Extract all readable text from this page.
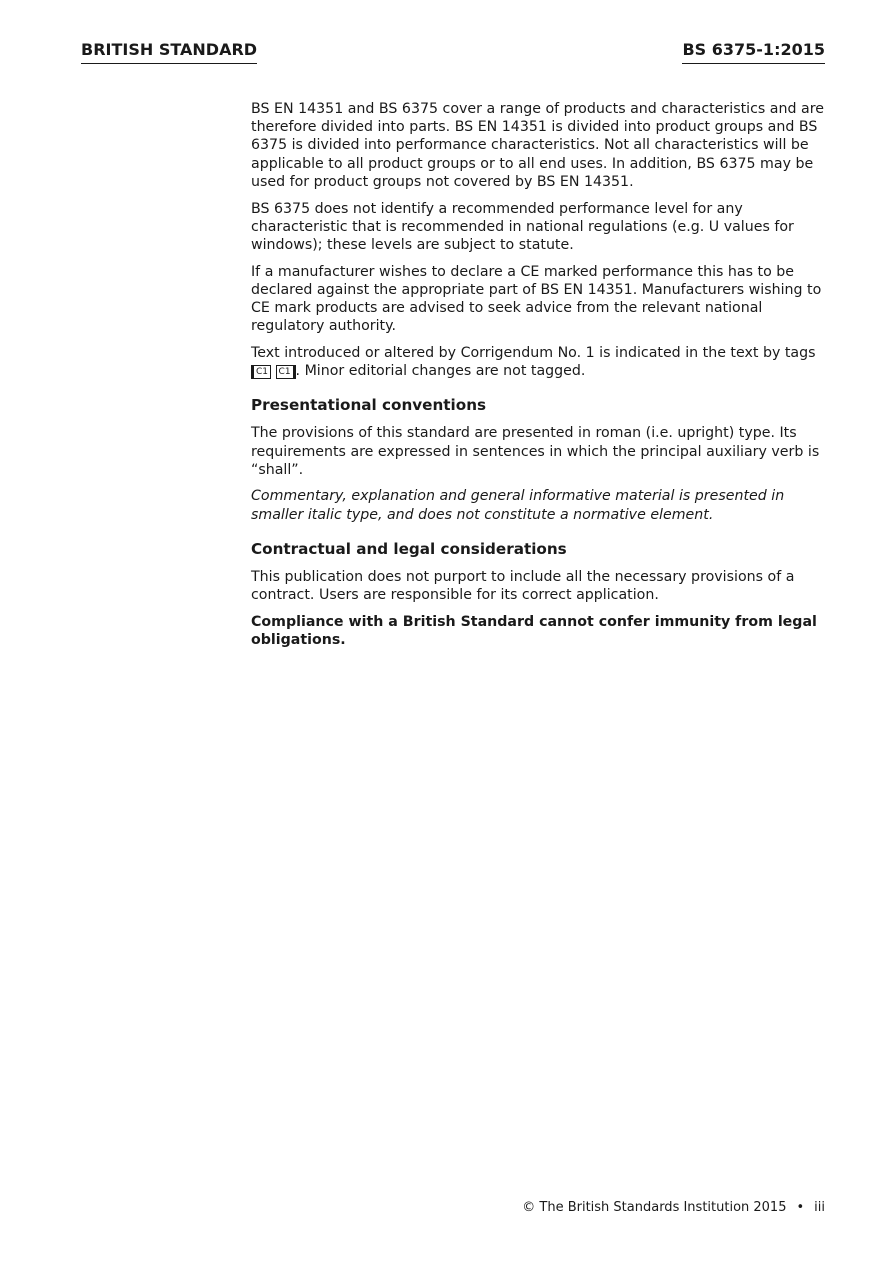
BRITISH STANDARD	BS 6375-1:2015

BS EN 14351 and BS 6375 cover a range of products and characteristics and are therefore divided into parts. BS EN 14351 is divided into product groups and BS 6375 is divided into performance characteristics. Not all characteristics will be applicable to all product groups or to all end uses. In addition, BS 6375 may be used for product groups not covered by BS EN 14351.

BS 6375 does not identify a recommended performance level for any characteristic that is recommended in national regulations (e.g. U values for windows); these levels are subject to statute.

If a manufacturer wishes to declare a CE marked performance this has to be declared against the appropriate part of BS EN 14351. Manufacturers wishing to CE mark products are advised to seek advice from the relevant national regulatory authority.

Text introduced or altered by Corrigendum No. 1 is indicated in the text by tags C1 C1 . Minor editorial changes are not tagged.

Presentational conventions

The provisions of this standard are presented in roman (i.e. upright) type. Its requirements are expressed in sentences in which the principal auxiliary verb is “shall”.

Commentary, explanation and general informative material is presented in smaller italic type, and does not constitute a normative element.

Contractual and legal considerations

This publication does not purport to include all the necessary provisions of a contract. Users are responsible for its correct application.

Compliance with a British Standard cannot confer immunity from legal obligations.

© The British Standards Institution 2015 • iii
